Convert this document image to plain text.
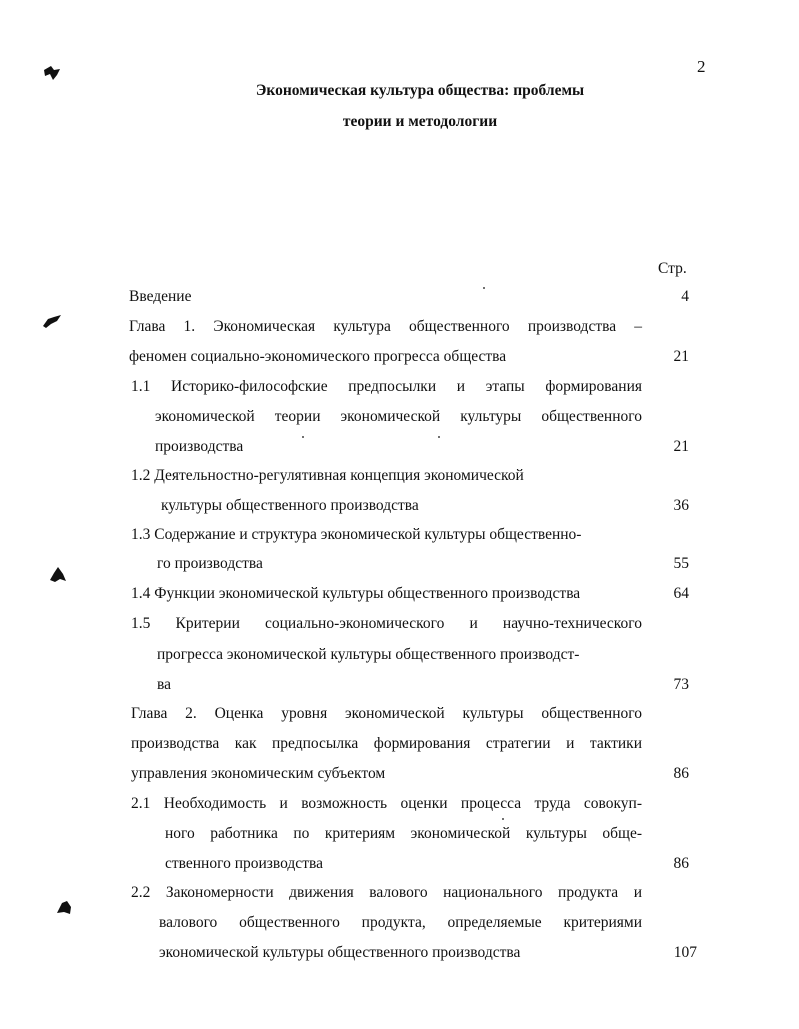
2
Экономическая культура общества: проблемы
теории и методологии
Стр.
Введение	4
Глава 1. Экономическая культура общественного производства –
феномен социально-экономического прогресса общества	21
1.1 Историко-философские предпосылки и этапы формирования
экономической теории экономической культуры общественного
производства	21
1.2 Деятельностно-регулятивная концепция экономической
культуры общественного производства	36
1.3 Содержание и структура экономической культуры общественно-
го производства	55
1.4 Функции экономической культуры общественного производства	64
1.5 Критерии социально-экономического и научно-технического
прогресса экономической культуры общественного производст-
ва	73
Глава 2. Оценка уровня экономической культуры общественного
производства как предпосылка формирования стратегии и тактики
управления экономическим субъектом	86
2.1 Необходимость и возможность оценки процесса труда совокуп-
ного работника по критериям экономической культуры обще-
ственного производства	86
2.2 Закономерности движения валового национального продукта и
валового общественного продукта, определяемые критериями
экономической культуры общественного производства	107
